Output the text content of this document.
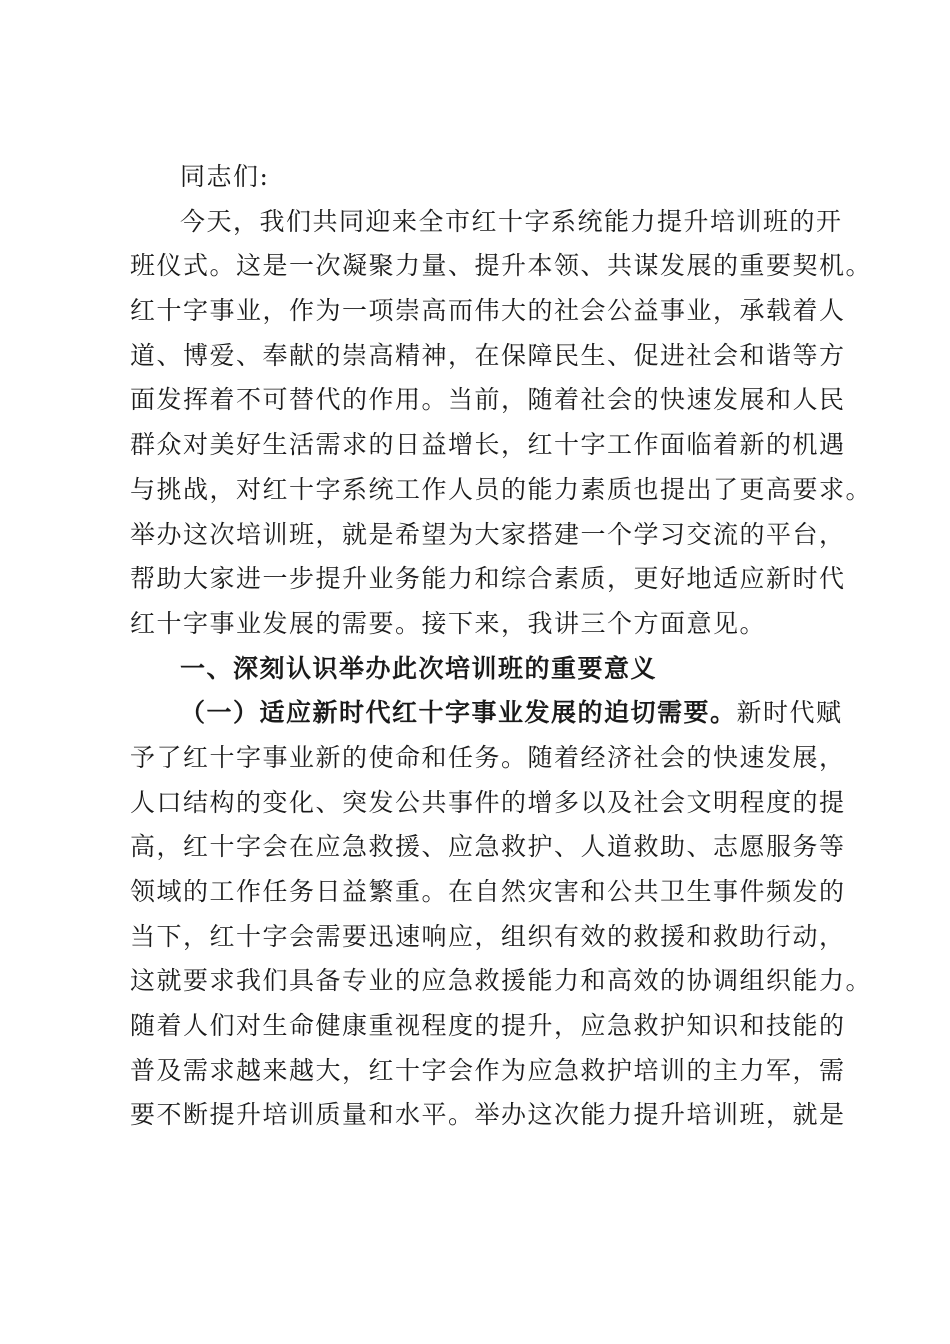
同志们:
今天，我们共同迎来全市红十字系统能力提升培训班的开
班仪式。这是一次凝聚力量、提升本领、共谋发展的重要契机。
红十字事业，作为一项崇高而伟大的社会公益事业，承载着人
道、博爱、奉献的崇高精神，在保障民生、促进社会和谐等方
面发挥着不可替代的作用。当前，随着社会的快速发展和人民
群众对美好生活需求的日益增长，红十字工作面临着新的机遇
与挑战，对红十字系统工作人员的能力素质也提出了更高要求。
举办这次培训班，就是希望为大家搭建一个学习交流的平台，
帮助大家进一步提升业务能力和综合素质，更好地适应新时代
红十字事业发展的需要。接下来，我讲三个方面意见。
一、深刻认识举办此次培训班的重要意义
（一）适应新时代红十字事业发展的迫切需要。新时代赋
予了红十字事业新的使命和任务。随着经济社会的快速发展，
人口结构的变化、突发公共事件的增多以及社会文明程度的提
高，红十字会在应急救援、应急救护、人道救助、志愿服务等
领域的工作任务日益繁重。在自然灾害和公共卫生事件频发的
当下，红十字会需要迅速响应，组织有效的救援和救助行动，
这就要求我们具备专业的应急救援能力和高效的协调组织能力。
随着人们对生命健康重视程度的提升，应急救护知识和技能的
普及需求越来越大，红十字会作为应急救护培训的主力军，需
要不断提升培训质量和水平。举办这次能力提升培训班，就是
